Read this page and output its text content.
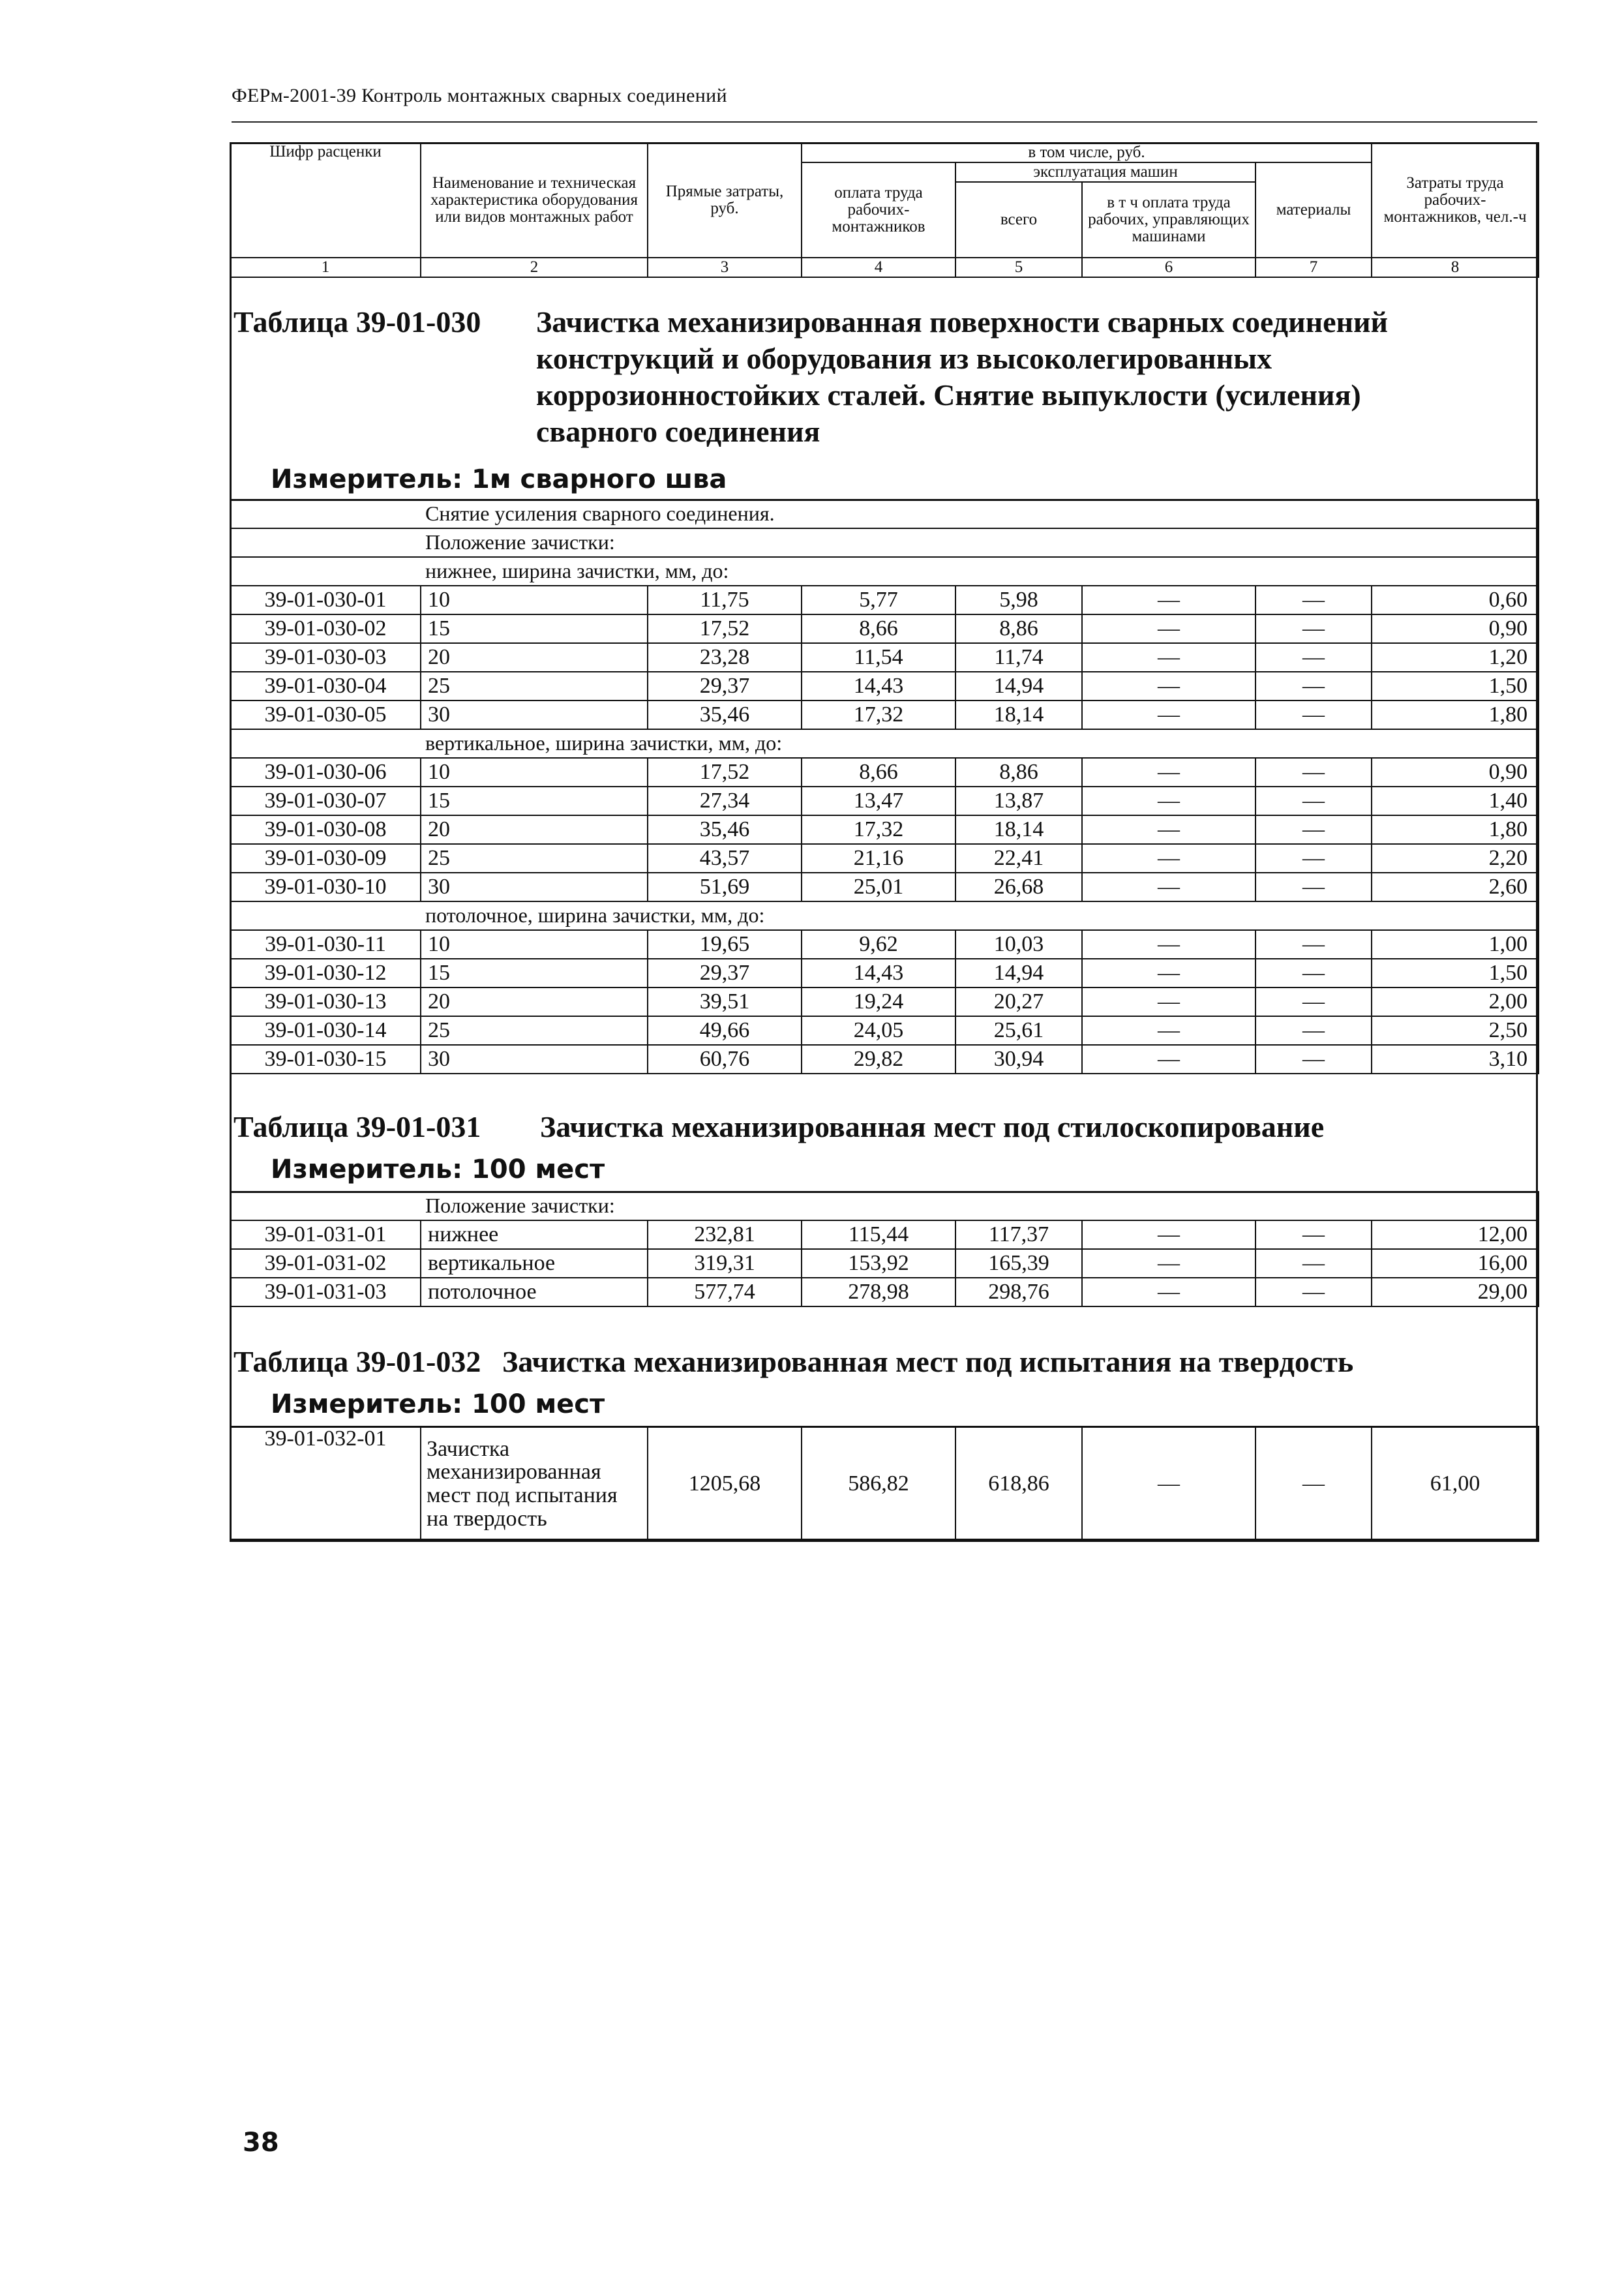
ФЕРм-2001-39 Контроль монтажных сварных соединений
Шифр расценки	Наименование и техническая характеристика оборудования или видов монтажных работ	Прямые затраты, руб.	в том числе, руб.				Затраты труда рабочих-монтажников, чел.-ч
			оплата труда рабочих-монтажников	эксплуатация машин		материалы	
				всего	в т ч оплата труда рабочих, управляющих машинами		
1	2	3	4	5	6	7	8
Таблица 39-01-030 Зачистка механизированная поверхности сварных соединений конструкций и оборудования из высоколегированных коррозионностойких сталей. Снятие выпуклости (усиления) сварного соединения
Измеритель: 1м сварного шва
Снятие усиления сварного соединения.							
Положение зачистки:							
нижнее, ширина зачистки, мм, до:							
39-01-030-01	10	11,75	5,77	5,98	—	—	0,60
39-01-030-02	15	17,52	8,66	8,86	—	—	0,90
39-01-030-03	20	23,28	11,54	11,74	—	—	1,20
39-01-030-04	25	29,37	14,43	14,94	—	—	1,50
39-01-030-05	30	35,46	17,32	18,14	—	—	1,80
вертикальное, ширина зачистки, мм, до:							
39-01-030-06	10	17,52	8,66	8,86	—	—	0,90
39-01-030-07	15	27,34	13,47	13,87	—	—	1,40
39-01-030-08	20	35,46	17,32	18,14	—	—	1,80
39-01-030-09	25	43,57	21,16	22,41	—	—	2,20
39-01-030-10	30	51,69	25,01	26,68	—	—	2,60
потолочное, ширина зачистки, мм, до:							
39-01-030-11	10	19,65	9,62	10,03	—	—	1,00
39-01-030-12	15	29,37	14,43	14,94	—	—	1,50
39-01-030-13	20	39,51	19,24	20,27	—	—	2,00
39-01-030-14	25	49,66	24,05	25,61	—	—	2,50
39-01-030-15	30	60,76	29,82	30,94	—	—	3,10
Таблица 39-01-031 Зачистка механизированная мест под стилоскопирование
Измеритель: 100 мест
Положение зачистки:							
39-01-031-01	нижнее	232,81	115,44	117,37	—	—	12,00
39-01-031-02	вертикальное	319,31	153,92	165,39	—	—	16,00
39-01-031-03	потолочное	577,74	278,98	298,76	—	—	29,00
Таблица 39-01-032 Зачистка механизированная мест под испытания на твердость
Измеритель: 100 мест
39-01-032-01	Зачистка механизированная мест под испытания на твердость	1205,68	586,82	618,86	—	—	61,00
38
